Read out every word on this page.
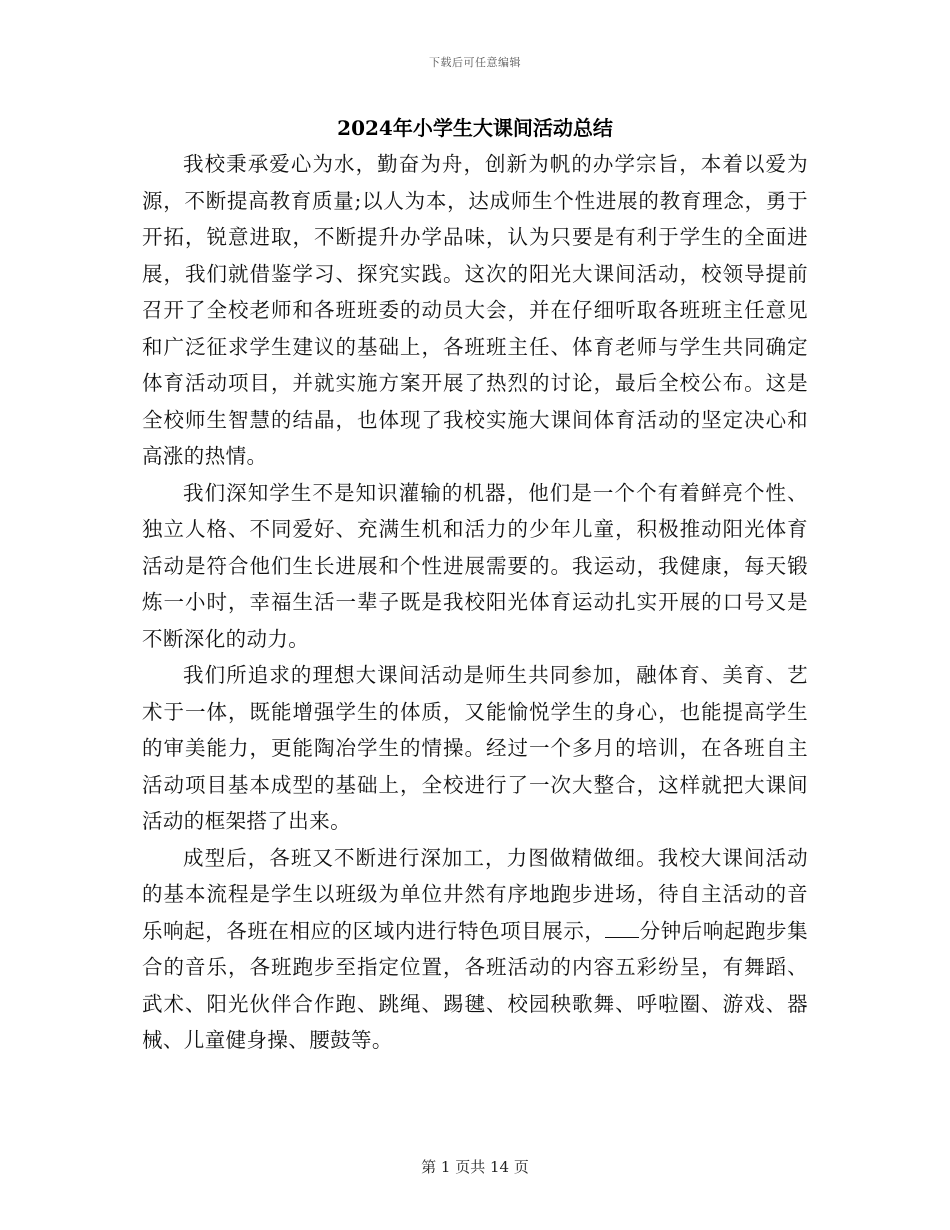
下载后可任意编辑
2024年小学生大课间活动总结

我校秉承爱心为水，勤奋为舟，创新为帆的办学宗旨，本着以爱为源，不断提高教育质量;以人为本，达成师生个性进展的教育理念，勇于开拓，锐意进取，不断提升办学品味，认为只要是有利于学生的全面进展，我们就借鉴学习、探究实践。这次的阳光大课间活动，校领导提前召开了全校老师和各班班委的动员大会，并在仔细听取各班班主任意见和广泛征求学生建议的基础上，各班班主任、体育老师与学生共同确定体育活动项目，并就实施方案开展了热烈的讨论，最后全校公布。这是全校师生智慧的结晶，也体现了我校实施大课间体育活动的坚定决心和高涨的热情。

我们深知学生不是知识灌输的机器，他们是一个个有着鲜亮个性、独立人格、不同爱好、充满生机和活力的少年儿童，积极推动阳光体育活动是符合他们生长进展和个性进展需要的。我运动，我健康，每天锻炼一小时，幸福生活一辈子既是我校阳光体育运动扎实开展的口号又是不断深化的动力。

我们所追求的理想大课间活动是师生共同参加，融体育、美育、艺术于一体，既能增强学生的体质，又能愉悦学生的身心，也能提高学生的审美能力，更能陶冶学生的情操。经过一个多月的培训，在各班自主活动项目基本成型的基础上，全校进行了一次大整合，这样就把大课间活动的框架搭了出来。

成型后，各班又不断进行深加工，力图做精做细。我校大课间活动的基本流程是学生以班级为单位井然有序地跑步进场，待自主活动的音乐响起，各班在相应的区域内进行特色项目展示， 分钟后响起跑步集合的音乐，各班跑步至指定位置，各班活动的内容五彩纷呈，有舞蹈、武术、阳光伙伴合作跑、跳绳、踢毽、校园秧歌舞、呼啦圈、游戏、器械、儿童健身操、腰鼓等。

第 1 页共 14 页
